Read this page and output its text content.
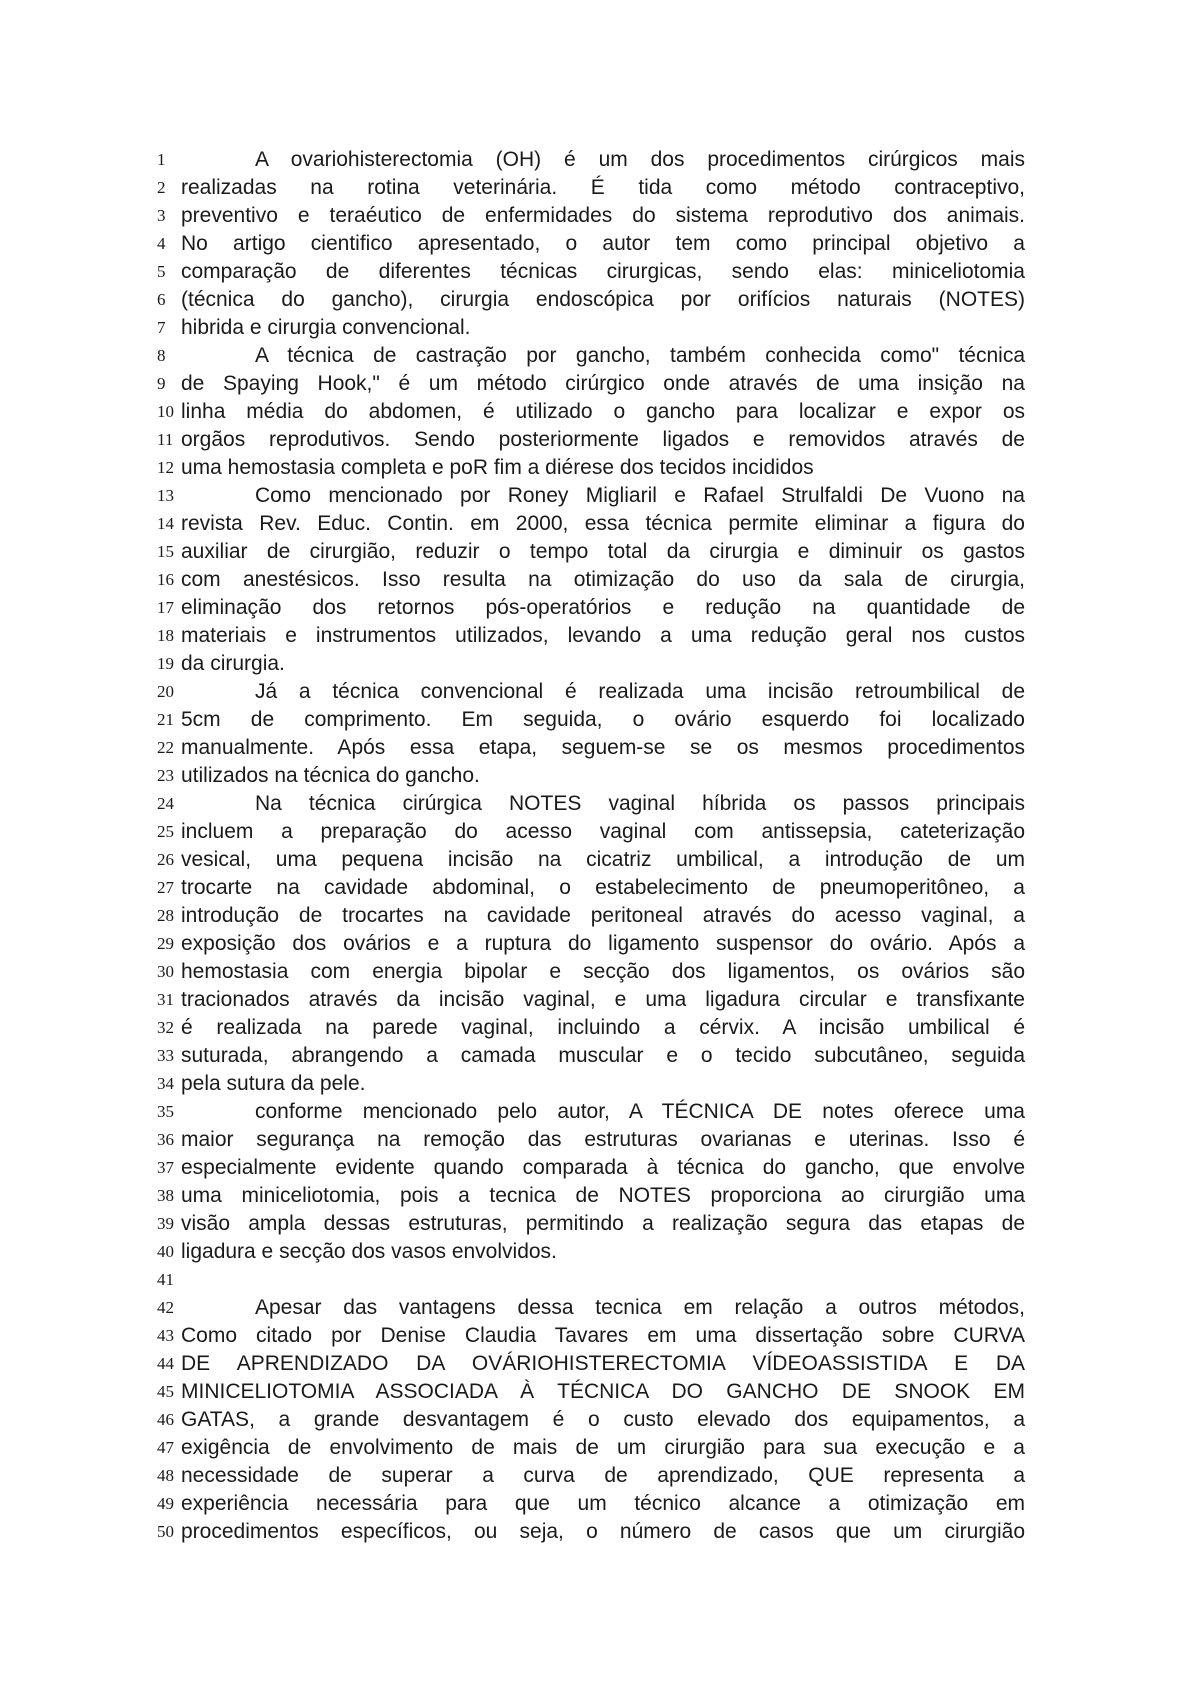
1	A ovariohisterectomia (OH) é um dos procedimentos cirúrgicos mais
2 realizadas na rotina veterinária. É tida como método contraceptivo,
3 preventivo e teraéutico de enfermidades do sistema reprodutivo dos animais.
4 No artigo cientifico apresentado, o autor tem como principal objetivo a
5 comparação de diferentes técnicas cirurgicas, sendo elas: miniceliotomia
6 (técnica do gancho), cirurgia endoscópica por orifícios naturais (NOTES)
7 hibrida e cirurgia convencional.
8	A técnica de castração por gancho, também conhecida como" técnica
9 de Spaying Hook," é um método cirúrgico onde através de uma insição na
10 linha média do abdomen, é utilizado o gancho para localizar e expor os
11 orgãos reprodutivos. Sendo posteriormente ligados e removidos através de
12 uma hemostasia completa e poR fim a diérese dos tecidos incididos
13	Como mencionado por Roney Migliaril e Rafael Strulfaldi De Vuono na
14 revista Rev. Educ. Contin. em 2000, essa técnica permite eliminar a figura do
15 auxiliar de cirurgião, reduzir o tempo total da cirurgia e diminuir os gastos
16 com anestésicos. Isso resulta na otimização do uso da sala de cirurgia,
17 eliminação dos retornos pós-operatórios e redução na quantidade de
18 materiais e instrumentos utilizados, levando a uma redução geral nos custos
19 da cirurgia.
20	Já a técnica convencional é realizada uma incisão retroumbilical de
21 5cm de comprimento. Em seguida, o ovário esquerdo foi localizado
22 manualmente. Após essa etapa, seguem-se se os mesmos procedimentos
23 utilizados na técnica do gancho.
24	Na técnica cirúrgica NOTES vaginal híbrida os passos principais
25 incluem a preparação do acesso vaginal com antissepsia, cateterização
26 vesical, uma pequena incisão na cicatriz umbilical, a introdução de um
27 trocarte na cavidade abdominal, o estabelecimento de pneumoperitôneo, a
28 introdução de trocartes na cavidade peritoneal através do acesso vaginal, a
29 exposição dos ovários e a ruptura do ligamento suspensor do ovário. Após a
30 hemostasia com energia bipolar e secção dos ligamentos, os ovários são
31 tracionados através da incisão vaginal, e uma ligadura circular e transfixante
32 é realizada na parede vaginal, incluindo a cérvix. A incisão umbilical é
33 suturada, abrangendo a camada muscular e o tecido subcutâneo, seguida
34 pela sutura da pele.
35	conforme mencionado pelo autor, A TÉCNICA DE notes oferece uma
36 maior segurança na remoção das estruturas ovarianas e uterinas. Isso é
37 especialmente evidente quando comparada à técnica do gancho, que envolve
38 uma miniceliotomia, pois a tecnica de NOTES proporciona ao cirurgião uma
39 visão ampla dessas estruturas, permitindo a realização segura das etapas de
40 ligadura e secção dos vasos envolvidos.
41
42	Apesar das vantagens dessa tecnica em relação a outros métodos,
43 Como citado por Denise Claudia Tavares em uma dissertação sobre CURVA
44 DE APRENDIZADO DA OVÁRIOHISTERECTOMIA VÍDEOASSISTIDA E DA
45 MINICELIOTOMIA ASSOCIADA À TÉCNICA DO GANCHO DE SNOOK EM
46 GATAS, a grande desvantagem é o custo elevado dos equipamentos, a
47 exigência de envolvimento de mais de um cirurgião para sua execução e a
48 necessidade de superar a curva de aprendizado, QUE representa a
49 experiência necessária para que um técnico alcance a otimização em
50 procedimentos específicos, ou seja, o número de casos que um cirurgião
